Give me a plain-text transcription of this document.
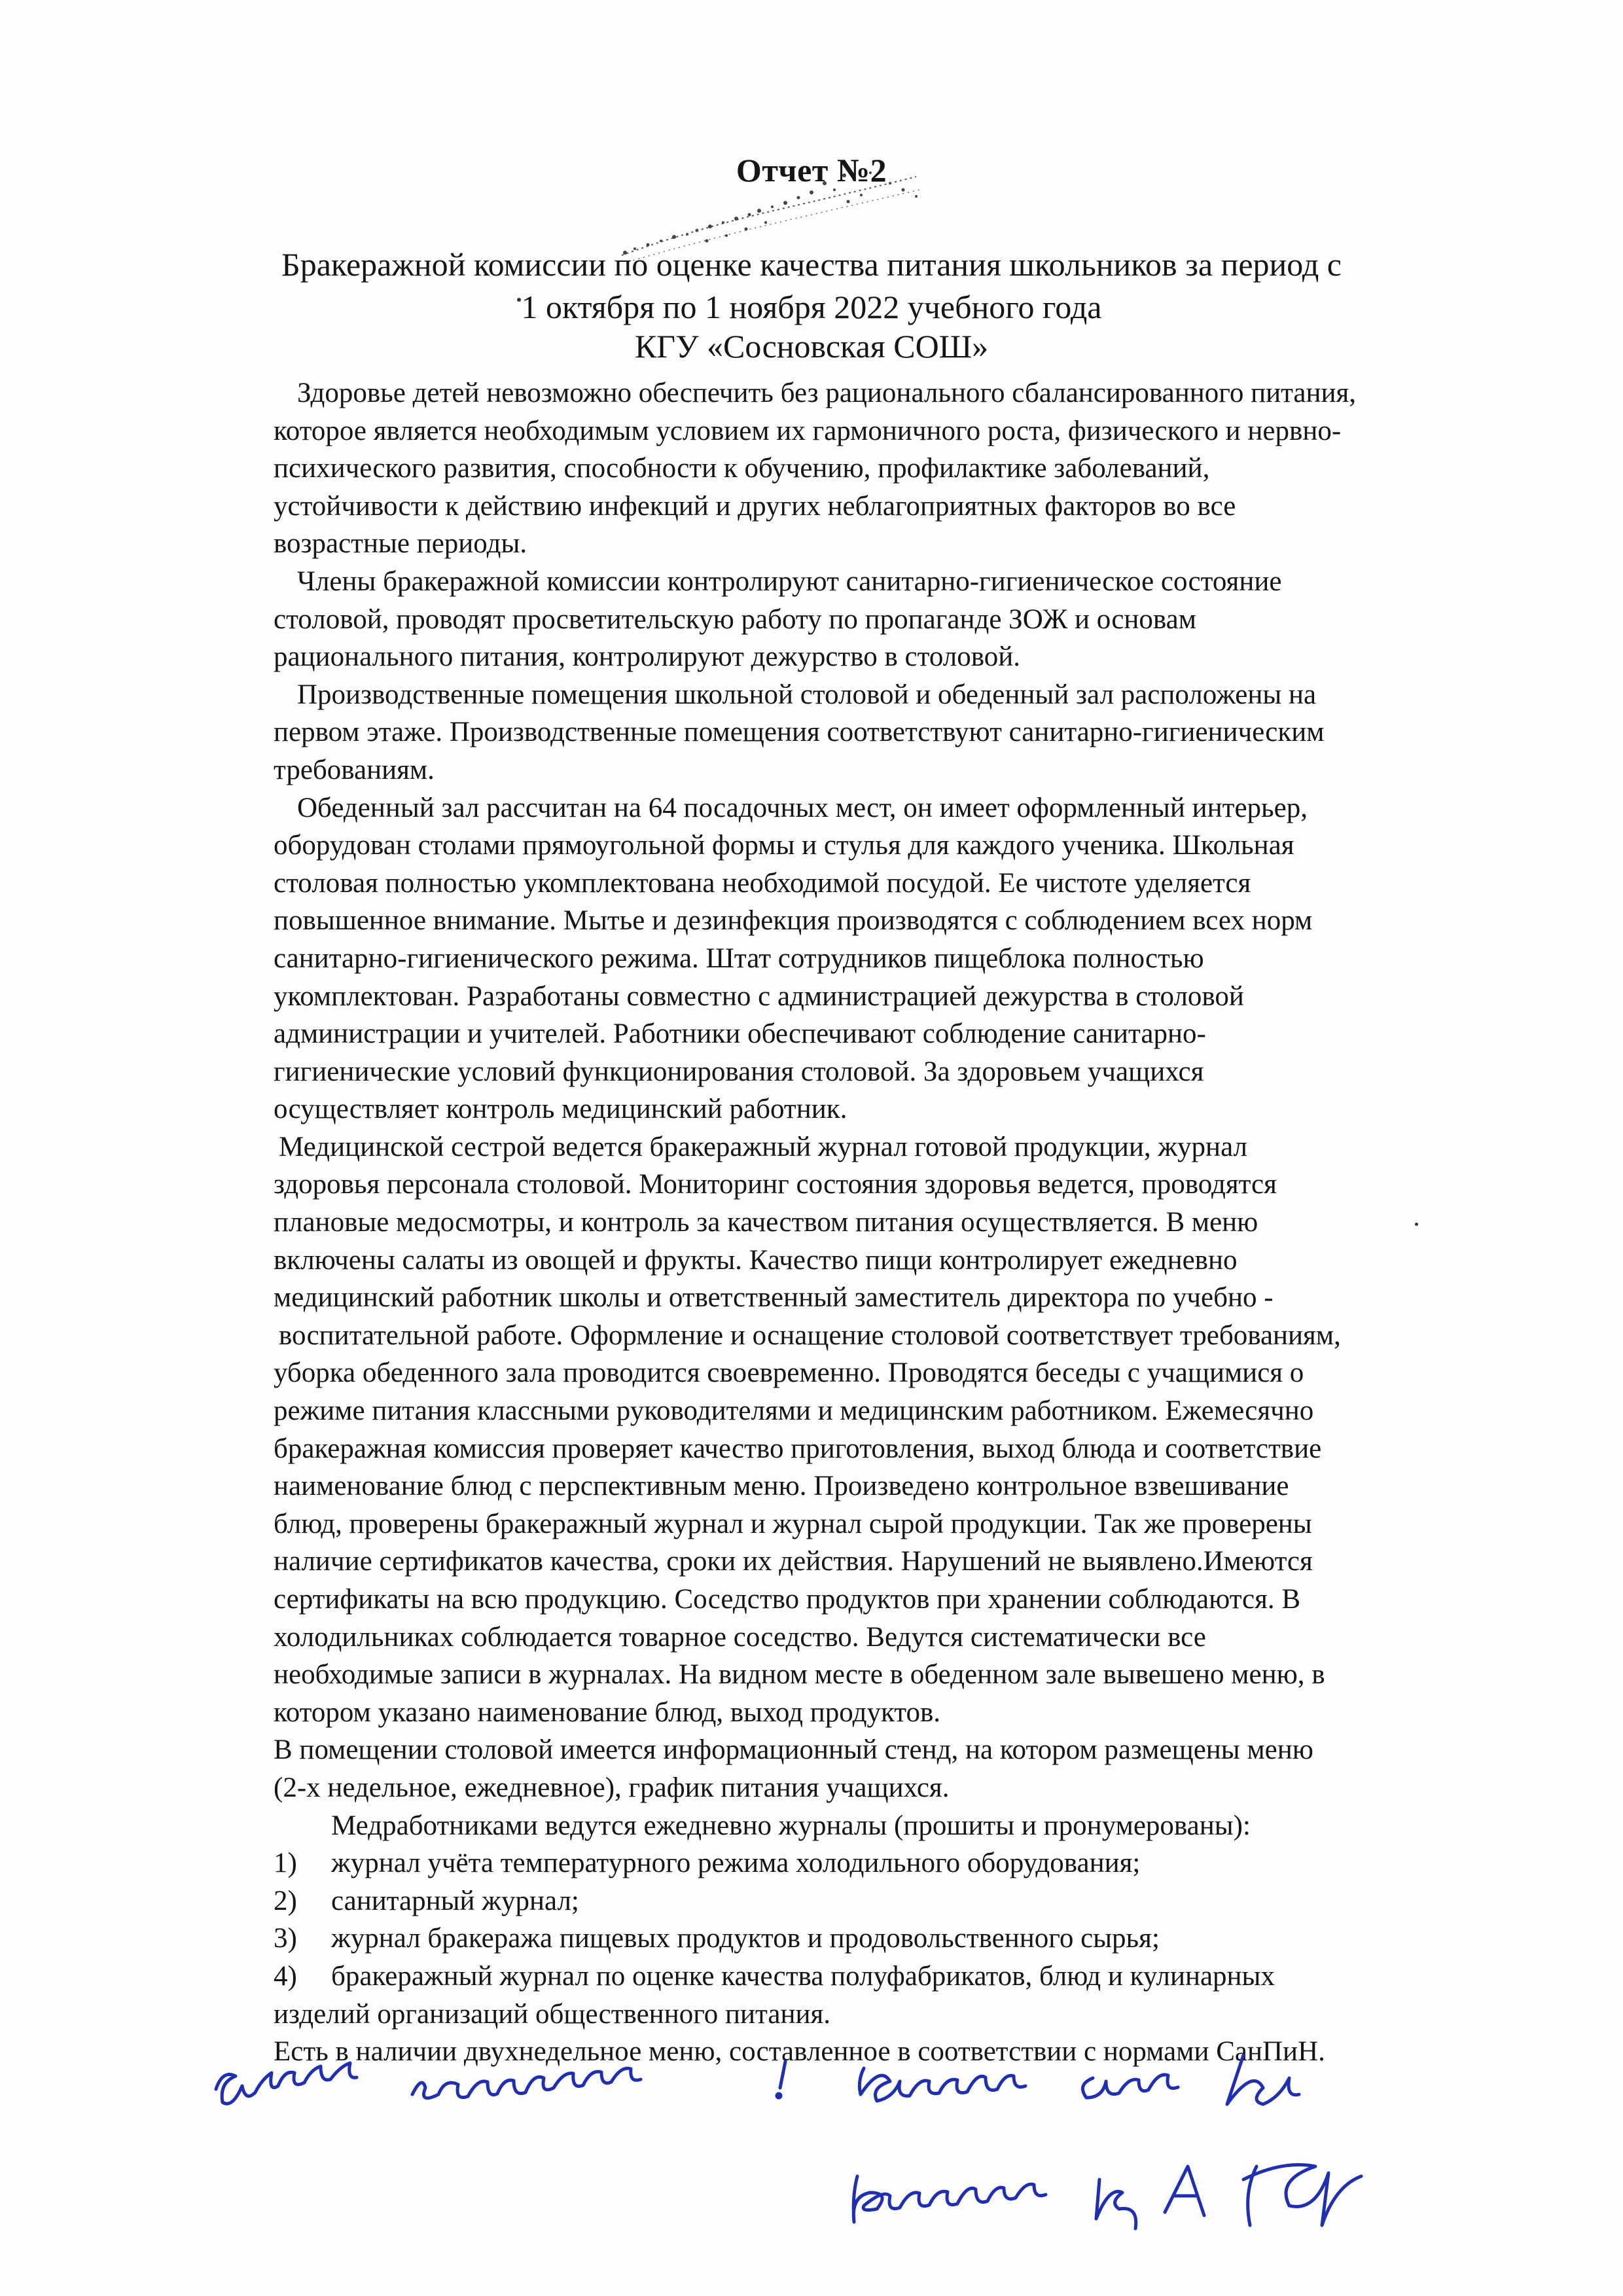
Отчет №2
Бракеражной комиссии по оценке качества питания школьников за период с
1 октября по 1 ноября 2022 учебного года
КГУ «Сосновская СОШ»
Здоровье детей невозможно обеспечить без рационального сбалансированного питания,
которое является необходимым условием их гармоничного роста, физического и нервно-
психического развития, способности к обучению, профилактике заболеваний,
устойчивости к действию инфекций и других неблагоприятных факторов во все
возрастные периоды.
Члены бракеражной комиссии контролируют санитарно-гигиеническое состояние
столовой, проводят просветительскую работу по пропаганде ЗОЖ и основам
рационального питания, контролируют дежурство в столовой.
Производственные помещения школьной столовой и обеденный зал расположены на
первом этаже. Производственные помещения соответствуют санитарно-гигиеническим
требованиям.
Обеденный зал рассчитан на 64 посадочных мест, он имеет оформленный интерьер,
оборудован столами прямоугольной формы и стулья для каждого ученика. Школьная
столовая полностью укомплектована необходимой посудой. Ее чистоте уделяется
повышенное внимание. Мытье и дезинфекция производятся с соблюдением всех норм
санитарно-гигиенического режима. Штат сотрудников пищеблока полностью
укомплектован. Разработаны совместно с администрацией дежурства в столовой
администрации и учителей. Работники обеспечивают соблюдение санитарно-
гигиенические условий функционирования столовой. За здоровьем учащихся
осуществляет контроль медицинский работник.
Медицинской сестрой ведется бракеражный журнал готовой продукции, журнал
здоровья персонала столовой. Мониторинг состояния здоровья ведется, проводятся
плановые медосмотры, и контроль за качеством питания осуществляется. В меню
включены салаты из овощей и фрукты. Качество пищи контролирует ежедневно
медицинский работник школы и ответственный заместитель директора по учебно -
воспитательной работе. Оформление и оснащение столовой соответствует требованиям,
уборка обеденного зала проводится своевременно. Проводятся беседы с учащимися о
режиме питания классными руководителями и медицинским работником. Ежемесячно
бракеражная комиссия проверяет качество приготовления, выход блюда и соответствие
наименование блюд с перспективным меню. Произведено контрольное взвешивание
блюд, проверены бракеражный журнал и журнал сырой продукции. Так же проверены
наличие сертификатов качества, сроки их действия. Нарушений не выявлено.Имеются
сертификаты на всю продукцию. Соседство продуктов при хранении соблюдаются. В
холодильниках соблюдается товарное соседство. Ведутся систематически все
необходимые записи в журналах. На видном месте в обеденном зале вывешено меню, в
котором указано наименование блюд, выход продуктов.
В помещении столовой имеется информационный стенд, на котором размещены меню
(2-х недельное, ежедневное), график питания учащихся.
Медработниками ведутся ежедневно журналы (прошиты и пронумерованы):
1) журнал учёта температурного режима холодильного оборудования;
2) санитарный журнал;
3) журнал бракеража пищевых продуктов и продовольственного сырья;
4) бракеражный журнал по оценке качества полуфабрикатов, блюд и кулинарных
изделий организаций общественного питания.
Есть в наличии двухнедельное меню, составленное в соответствии с нормами СанПиН.
